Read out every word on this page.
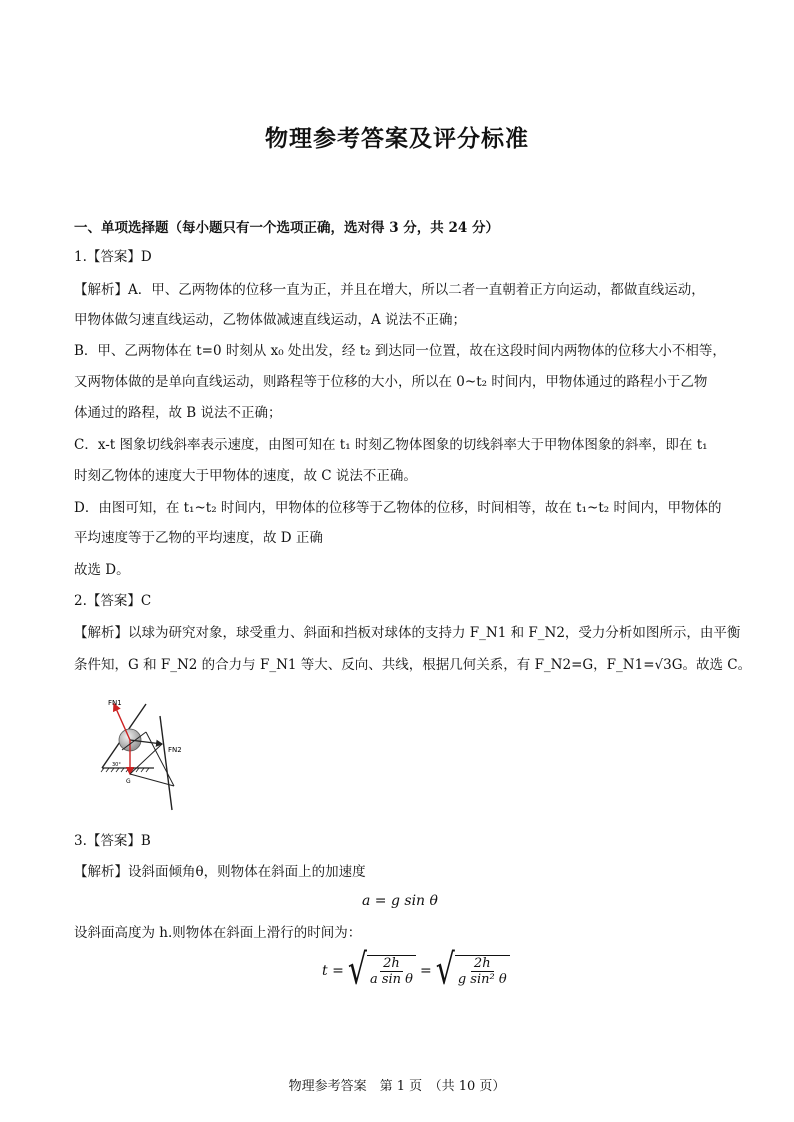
物理参考答案及评分标准
一、单项选择题（每小题只有一个选项正确，选对得 3 分，共 24 分）
1.【答案】D
【解析】A．甲、乙两物体的位移一直为正，并且在增大，所以二者一直朝着正方向运动，都做直线运动，
甲物体做匀速直线运动，乙物体做减速直线运动，A 说法不正确；
B．甲、乙两物体在 t=0 时刻从 x₀ 处出发，经 t₂ 到达同一位置，故在这段时间内两物体的位移大小不相等，
又两物体做的是单向直线运动，则路程等于位移的大小，所以在 0~t₂ 时间内，甲物体通过的路程小于乙物
体通过的路程，故 B 说法不正确；
C．x-t 图象切线斜率表示速度，由图可知在 t₁ 时刻乙物体图象的切线斜率大于甲物体图象的斜率，即在 t₁
时刻乙物体的速度大于甲物体的速度，故 C 说法不正确。
D．由图可知，在 t₁~t₂ 时间内，甲物体的位移等于乙物体的位移，时间相等，故在 t₁~t₂ 时间内，甲物体的
平均速度等于乙物的平均速度，故 D 正确
故选 D。
2.【答案】C
【解析】以球为研究对象，球受重力、斜面和挡板对球体的支持力 F_N1 和 F_N2，受力分析如图所示，由平衡
条件知，G 和 F_N2 的合力与 F_N1 等大、反向、共线，根据几何关系，有 F_N2=G，F_N1=√3G。故选 C。
FN1
FN2
G
30°
3.【答案】B
【解析】设斜面倾角θ，则物体在斜面上的加速度
a = g sin θ
设斜面高度为 h.则物体在斜面上滑行的时间为：
t = √ $\frac{2h}{\text{a sin θ}}$ = √ $\frac{2h}{\text{g sin² θ}}$
物理参考答案　第 1 页　（共 10 页）
